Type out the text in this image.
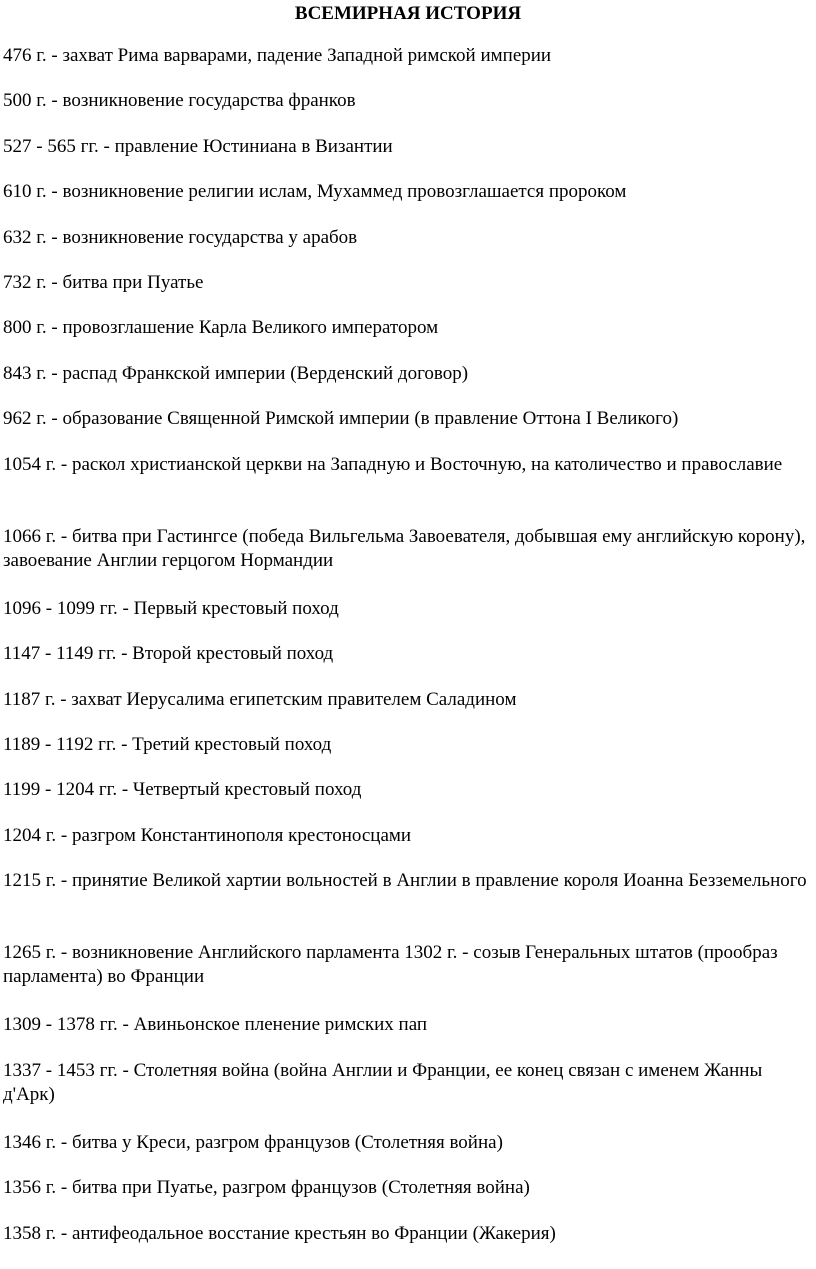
ВСЕМИРНАЯ ИСТОРИЯ

476 г. - захват Рима варварами, падение Западной римской империи

500 г. - возникновение государства франков

527 - 565 гг. - правление Юстиниана в Византии

610 г. - возникновение религии ислам, Мухаммед провозглашается пророком

632 г. - возникновение государства у арабов

732 г. - битва при Пуатье

800 г. - провозглашение Карла Великого императором

843 г. - распад Франкской империи (Верденский договор)

962 г. - образование Священной Римской империи (в правление Оттона I Великого)

1054 г. - раскол христианской церкви на Западную и Восточную, на католичество и православие

1066 г. - битва при Гастингсе (победа Вильгельма Завоевателя, добывшая ему английскую корону), завоевание Англии герцогом Нормандии

1096 - 1099 гг. - Первый крестовый поход

1147 - 1149 гг. - Второй крестовый поход

1187 г. - захват Иерусалима египетским правителем Саладином

1189 - 1192 гг. - Третий крестовый поход

1199 - 1204 гг. - Четвертый крестовый поход

1204 г. - разгром Константинополя крестоносцами

1215 г. - принятие Великой хартии вольностей в Англии в правление короля Иоанна Безземельного

1265 г. - возникновение Английского парламента 1302 г. - созыв Генеральных штатов (прообраз парламента) во Франции

1309 - 1378 гг. - Авиньонское пленение римских пап

1337 - 1453 гг. - Столетняя война (война Англии и Франции, ее конец связан с именем Жанны д'Арк)

1346 г. - битва у Креси, разгром французов (Столетняя война)

1356 г. - битва при Пуатье, разгром французов (Столетняя война)

1358 г. - антифеодальное восстание крестьян во Франции (Жакерия)
